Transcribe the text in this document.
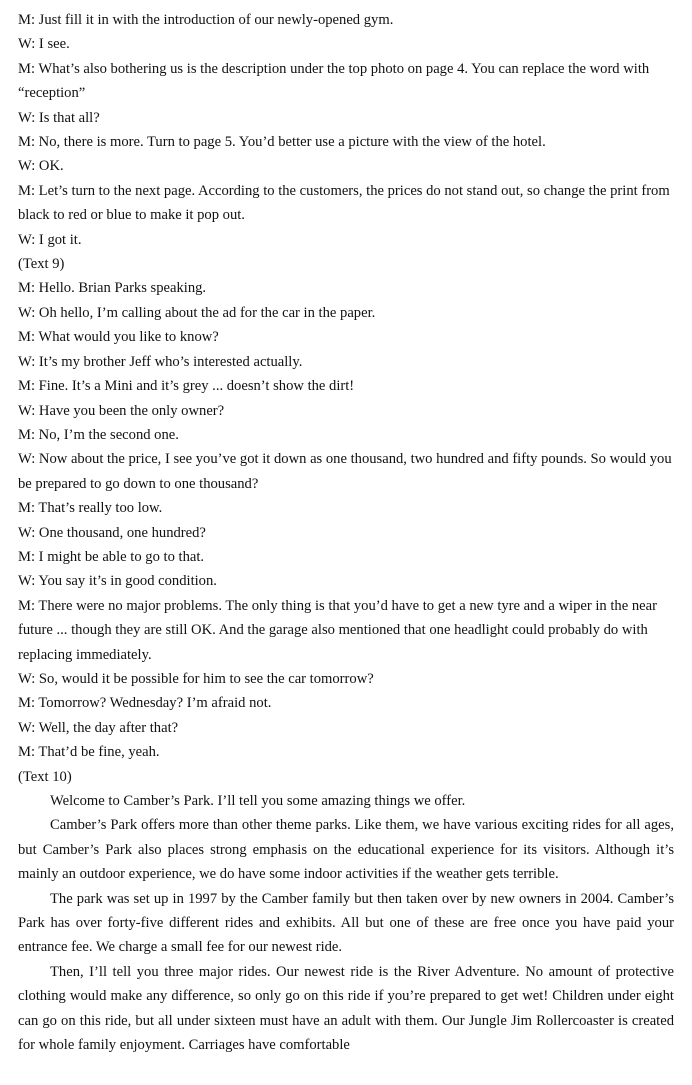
M: Just fill it in with the introduction of our newly-opened gym.

W: I see.

M: What’s also bothering us is the description under the top photo on page 4. You can replace the word with “reception”

W: Is that all?

M: No, there is more. Turn to page 5. You’d better use a picture with the view of the hotel.

W: OK.

M: Let’s turn to the next page. According to the customers, the prices do not stand out, so change the print from black to red or blue to make it pop out.

W: I got it.

(Text 9)

M: Hello. Brian Parks speaking.

W: Oh hello, I’m calling about the ad for the car in the paper.

M: What would you like to know?

W: It’s my brother Jeff who’s interested actually.

M: Fine. It’s a Mini and it’s grey ... doesn’t show the dirt!

W: Have you been the only owner?

M: No, I’m the second one.

W: Now about the price, I see you’ve got it down as one thousand, two hundred and fifty pounds. So would you be prepared to go down to one thousand?

M: That’s really too low.

W: One thousand, one hundred?

M: I might be able to go to that.

W: You say it’s in good condition.

M: There were no major problems. The only thing is that you’d have to get a new tyre and a wiper in the near future ... though they are still OK. And the garage also mentioned that one headlight could probably do with replacing immediately.

W: So, would it be possible for him to see the car tomorrow?

M: Tomorrow? Wednesday? I’m afraid not.

W: Well, the day after that?

M: That’d be fine, yeah.

(Text 10)

Welcome to Camber’s Park. I’ll tell you some amazing things we offer.

Camber’s Park offers more than other theme parks. Like them, we have various exciting rides for all ages, but Camber’s Park also places strong emphasis on the educational experience for its visitors. Although it’s mainly an outdoor experience, we do have some indoor activities if the weather gets terrible.

The park was set up in 1997 by the Camber family but then taken over by new owners in 2004. Camber’s Park has over forty-five different rides and exhibits. All but one of these are free once you have paid your entrance fee. We charge a small fee for our newest ride.

Then, I’ll tell you three major rides. Our newest ride is the River Adventure. No amount of protective clothing would make any difference, so only go on this ride if you’re prepared to get wet! Children under eight can go on this ride, but all under sixteen must have an adult with them. Our Jungle Jim Rollercoaster is created for whole family enjoyment. Carriages have comfortable
